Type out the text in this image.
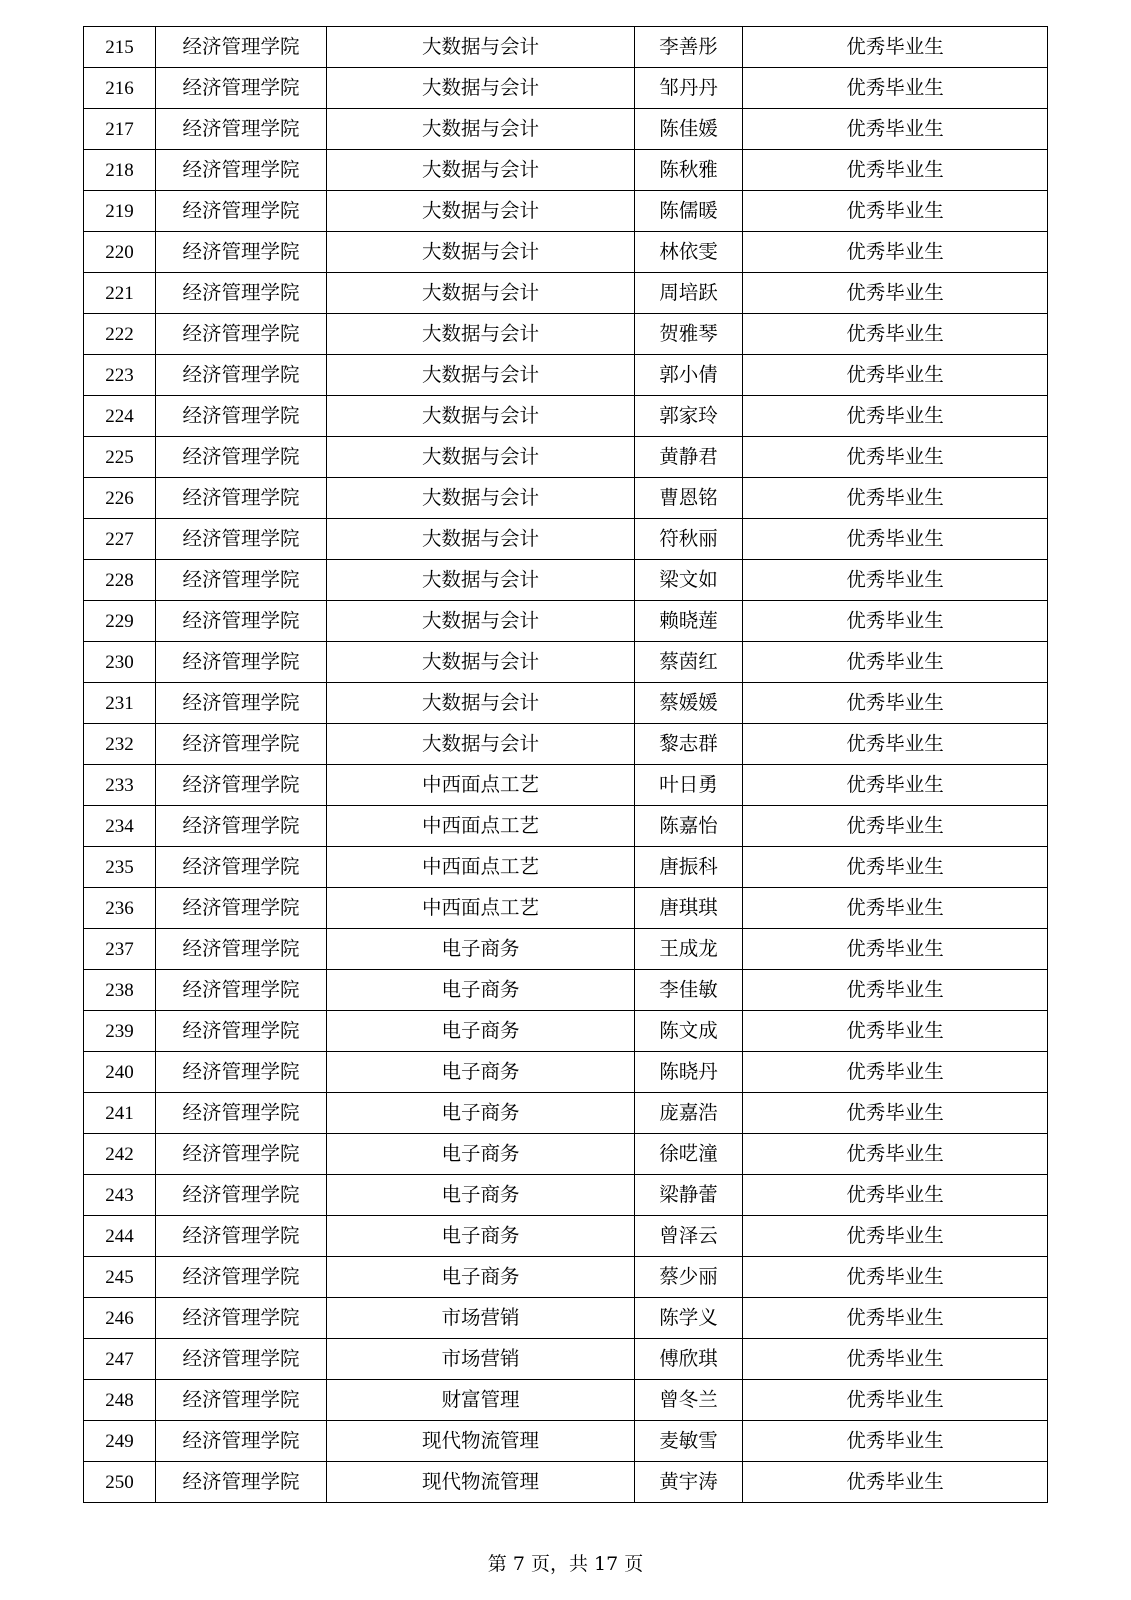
215	经济管理学院	大数据与会计	李善彤	优秀毕业生
216	经济管理学院	大数据与会计	邹丹丹	优秀毕业生
217	经济管理学院	大数据与会计	陈佳媛	优秀毕业生
218	经济管理学院	大数据与会计	陈秋雅	优秀毕业生
219	经济管理学院	大数据与会计	陈儒暖	优秀毕业生
220	经济管理学院	大数据与会计	林依雯	优秀毕业生
221	经济管理学院	大数据与会计	周培跃	优秀毕业生
222	经济管理学院	大数据与会计	贺雅琴	优秀毕业生
223	经济管理学院	大数据与会计	郭小倩	优秀毕业生
224	经济管理学院	大数据与会计	郭家玲	优秀毕业生
225	经济管理学院	大数据与会计	黄静君	优秀毕业生
226	经济管理学院	大数据与会计	曹恩铭	优秀毕业生
227	经济管理学院	大数据与会计	符秋丽	优秀毕业生
228	经济管理学院	大数据与会计	梁文如	优秀毕业生
229	经济管理学院	大数据与会计	赖晓莲	优秀毕业生
230	经济管理学院	大数据与会计	蔡茵红	优秀毕业生
231	经济管理学院	大数据与会计	蔡媛媛	优秀毕业生
232	经济管理学院	大数据与会计	黎志群	优秀毕业生
233	经济管理学院	中西面点工艺	叶日勇	优秀毕业生
234	经济管理学院	中西面点工艺	陈嘉怡	优秀毕业生
235	经济管理学院	中西面点工艺	唐振科	优秀毕业生
236	经济管理学院	中西面点工艺	唐琪琪	优秀毕业生
237	经济管理学院	电子商务	王成龙	优秀毕业生
238	经济管理学院	电子商务	李佳敏	优秀毕业生
239	经济管理学院	电子商务	陈文成	优秀毕业生
240	经济管理学院	电子商务	陈晓丹	优秀毕业生
241	经济管理学院	电子商务	庞嘉浩	优秀毕业生
242	经济管理学院	电子商务	徐呓潼	优秀毕业生
243	经济管理学院	电子商务	梁静蕾	优秀毕业生
244	经济管理学院	电子商务	曾泽云	优秀毕业生
245	经济管理学院	电子商务	蔡少丽	优秀毕业生
246	经济管理学院	市场营销	陈学义	优秀毕业生
247	经济管理学院	市场营销	傅欣琪	优秀毕业生
248	经济管理学院	财富管理	曾冬兰	优秀毕业生
249	经济管理学院	现代物流管理	麦敏雪	优秀毕业生
250	经济管理学院	现代物流管理	黄宇涛	优秀毕业生
第 7 页，共 17 页
